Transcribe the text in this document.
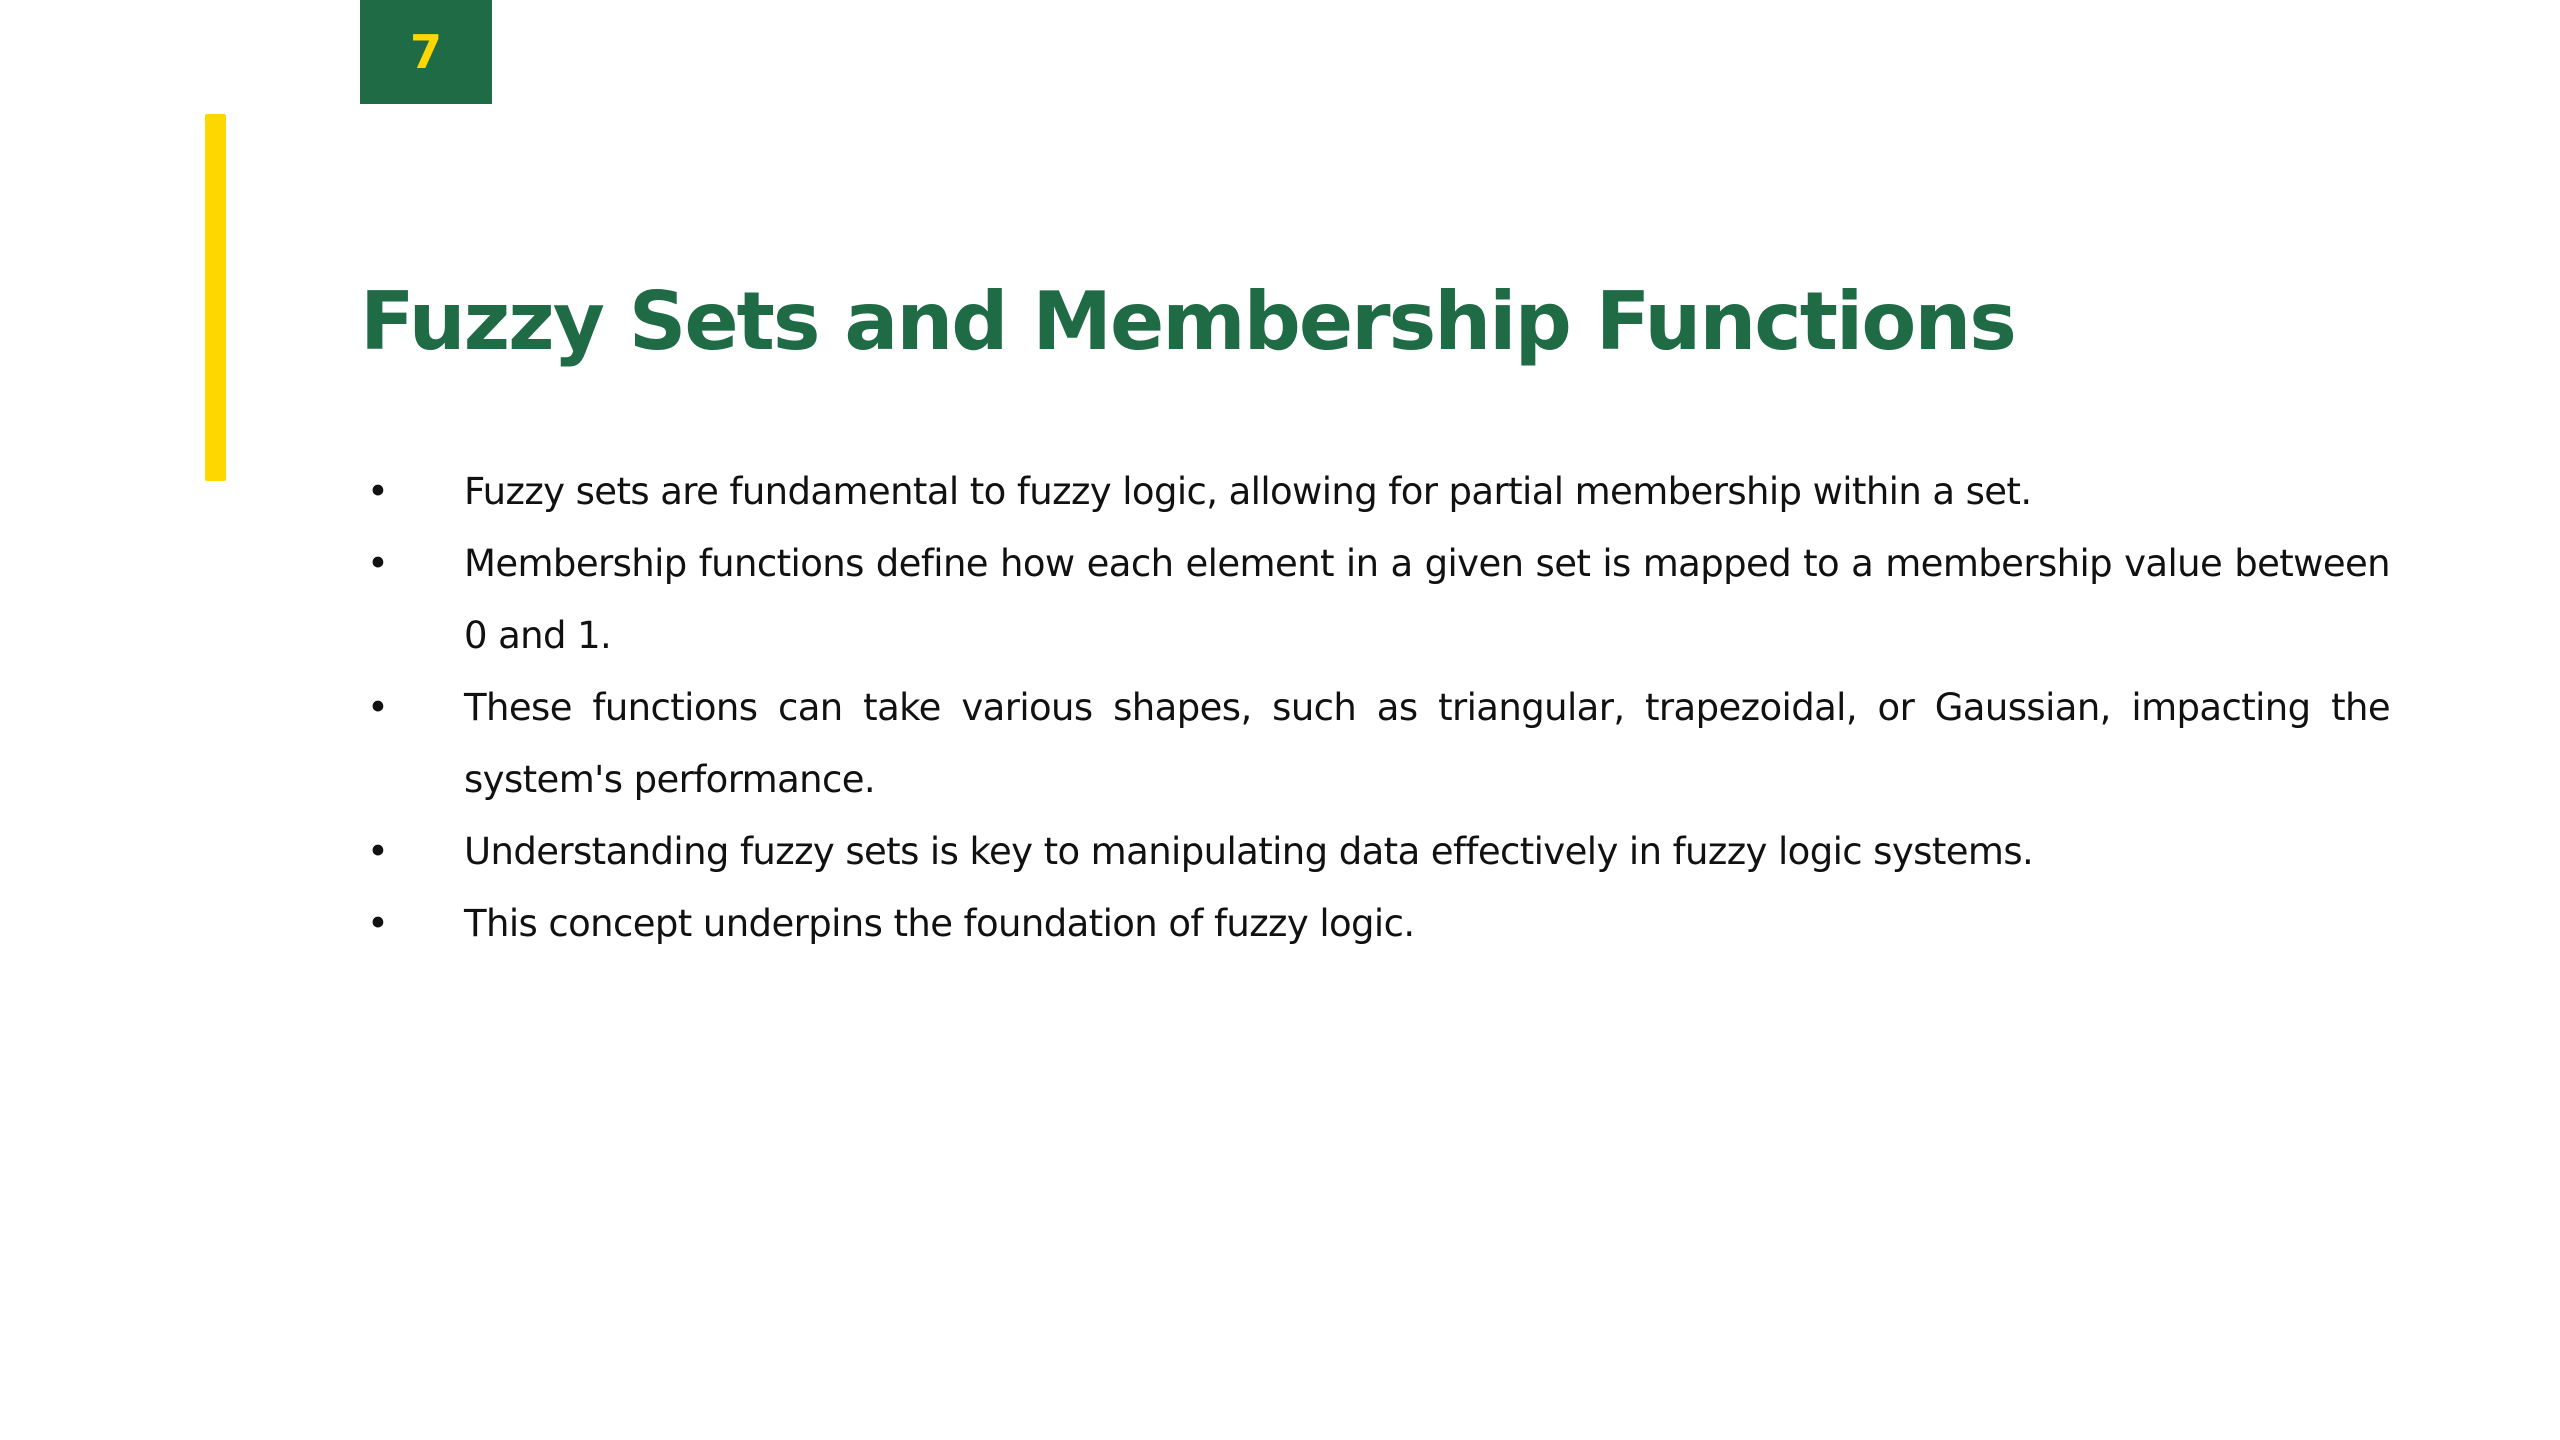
7
Fuzzy Sets and Membership Functions
• Fuzzy sets are fundamental to fuzzy logic, allowing for partial membership within a set.
• Membership functions define how each element in a given set is mapped to a membership value between 0 and 1.
• These functions can take various shapes, such as triangular, trapezoidal, or Gaussian, impacting the system's performance.
• Understanding fuzzy sets is key to manipulating data effectively in fuzzy logic systems.
• This concept underpins the foundation of fuzzy logic.
